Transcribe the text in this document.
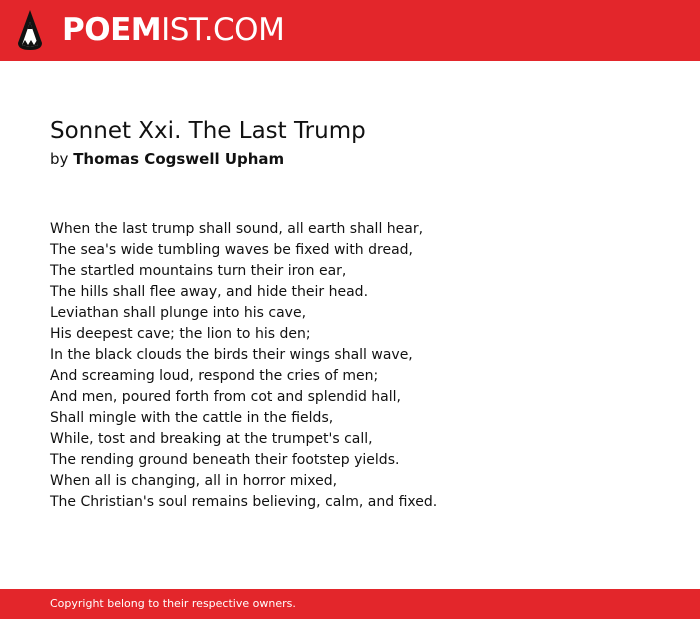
POEMIST.COM
Sonnet Xxi. The Last Trump
by Thomas Cogswell Upham
When the last trump shall sound, all earth shall hear,
The sea's wide tumbling waves be fixed with dread,
The startled mountains turn their iron ear,
The hills shall flee away, and hide their head.
Leviathan shall plunge into his cave,
His deepest cave; the lion to his den;
In the black clouds the birds their wings shall wave,
And screaming loud, respond the cries of men;
And men, poured forth from cot and splendid hall,
Shall mingle with the cattle in the fields,
While, tost and breaking at the trumpet's call,
The rending ground beneath their footstep yields.
When all is changing, all in horror mixed,
The Christian's soul remains believing, calm, and fixed.
Copyright belong to their respective owners.
